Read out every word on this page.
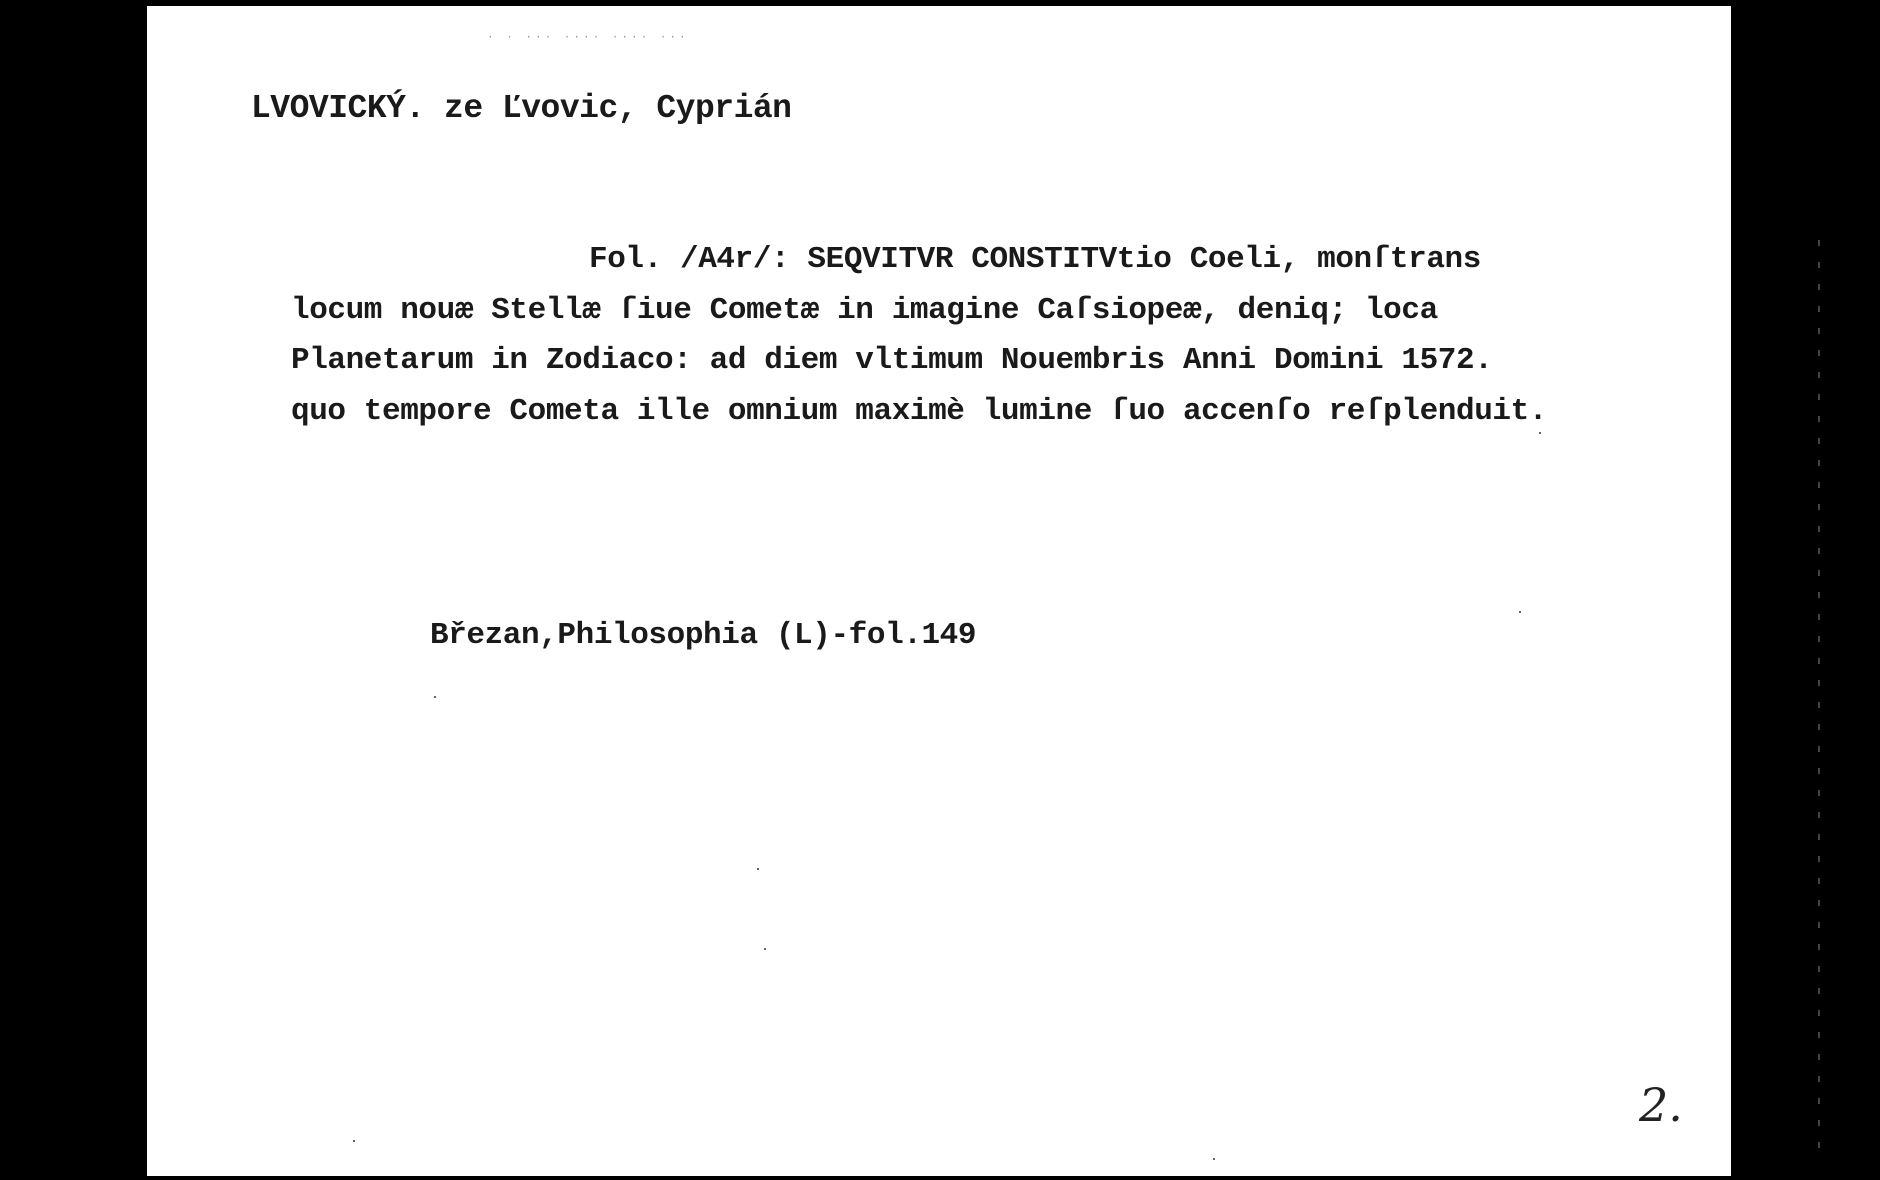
· · ··· ···· ···· ···
LVOVICKÝ. ze Ľvovic, Cyprián
Fol. /A4r/: SEQVITVR CONSTITVtio Coeli, monſtrans
locum nouæ Stellæ ſiue Cometæ in imagine Caſsiopeæ, deniq; loca
Planetarum in Zodiaco: ad diem vltimum Nouembris Anni Domini 1572.
quo tempore Cometa ille omnium maximè lumine ſuo accenſo reſplenduit.
Březan,Philosophia (L)-fol.149
2.
